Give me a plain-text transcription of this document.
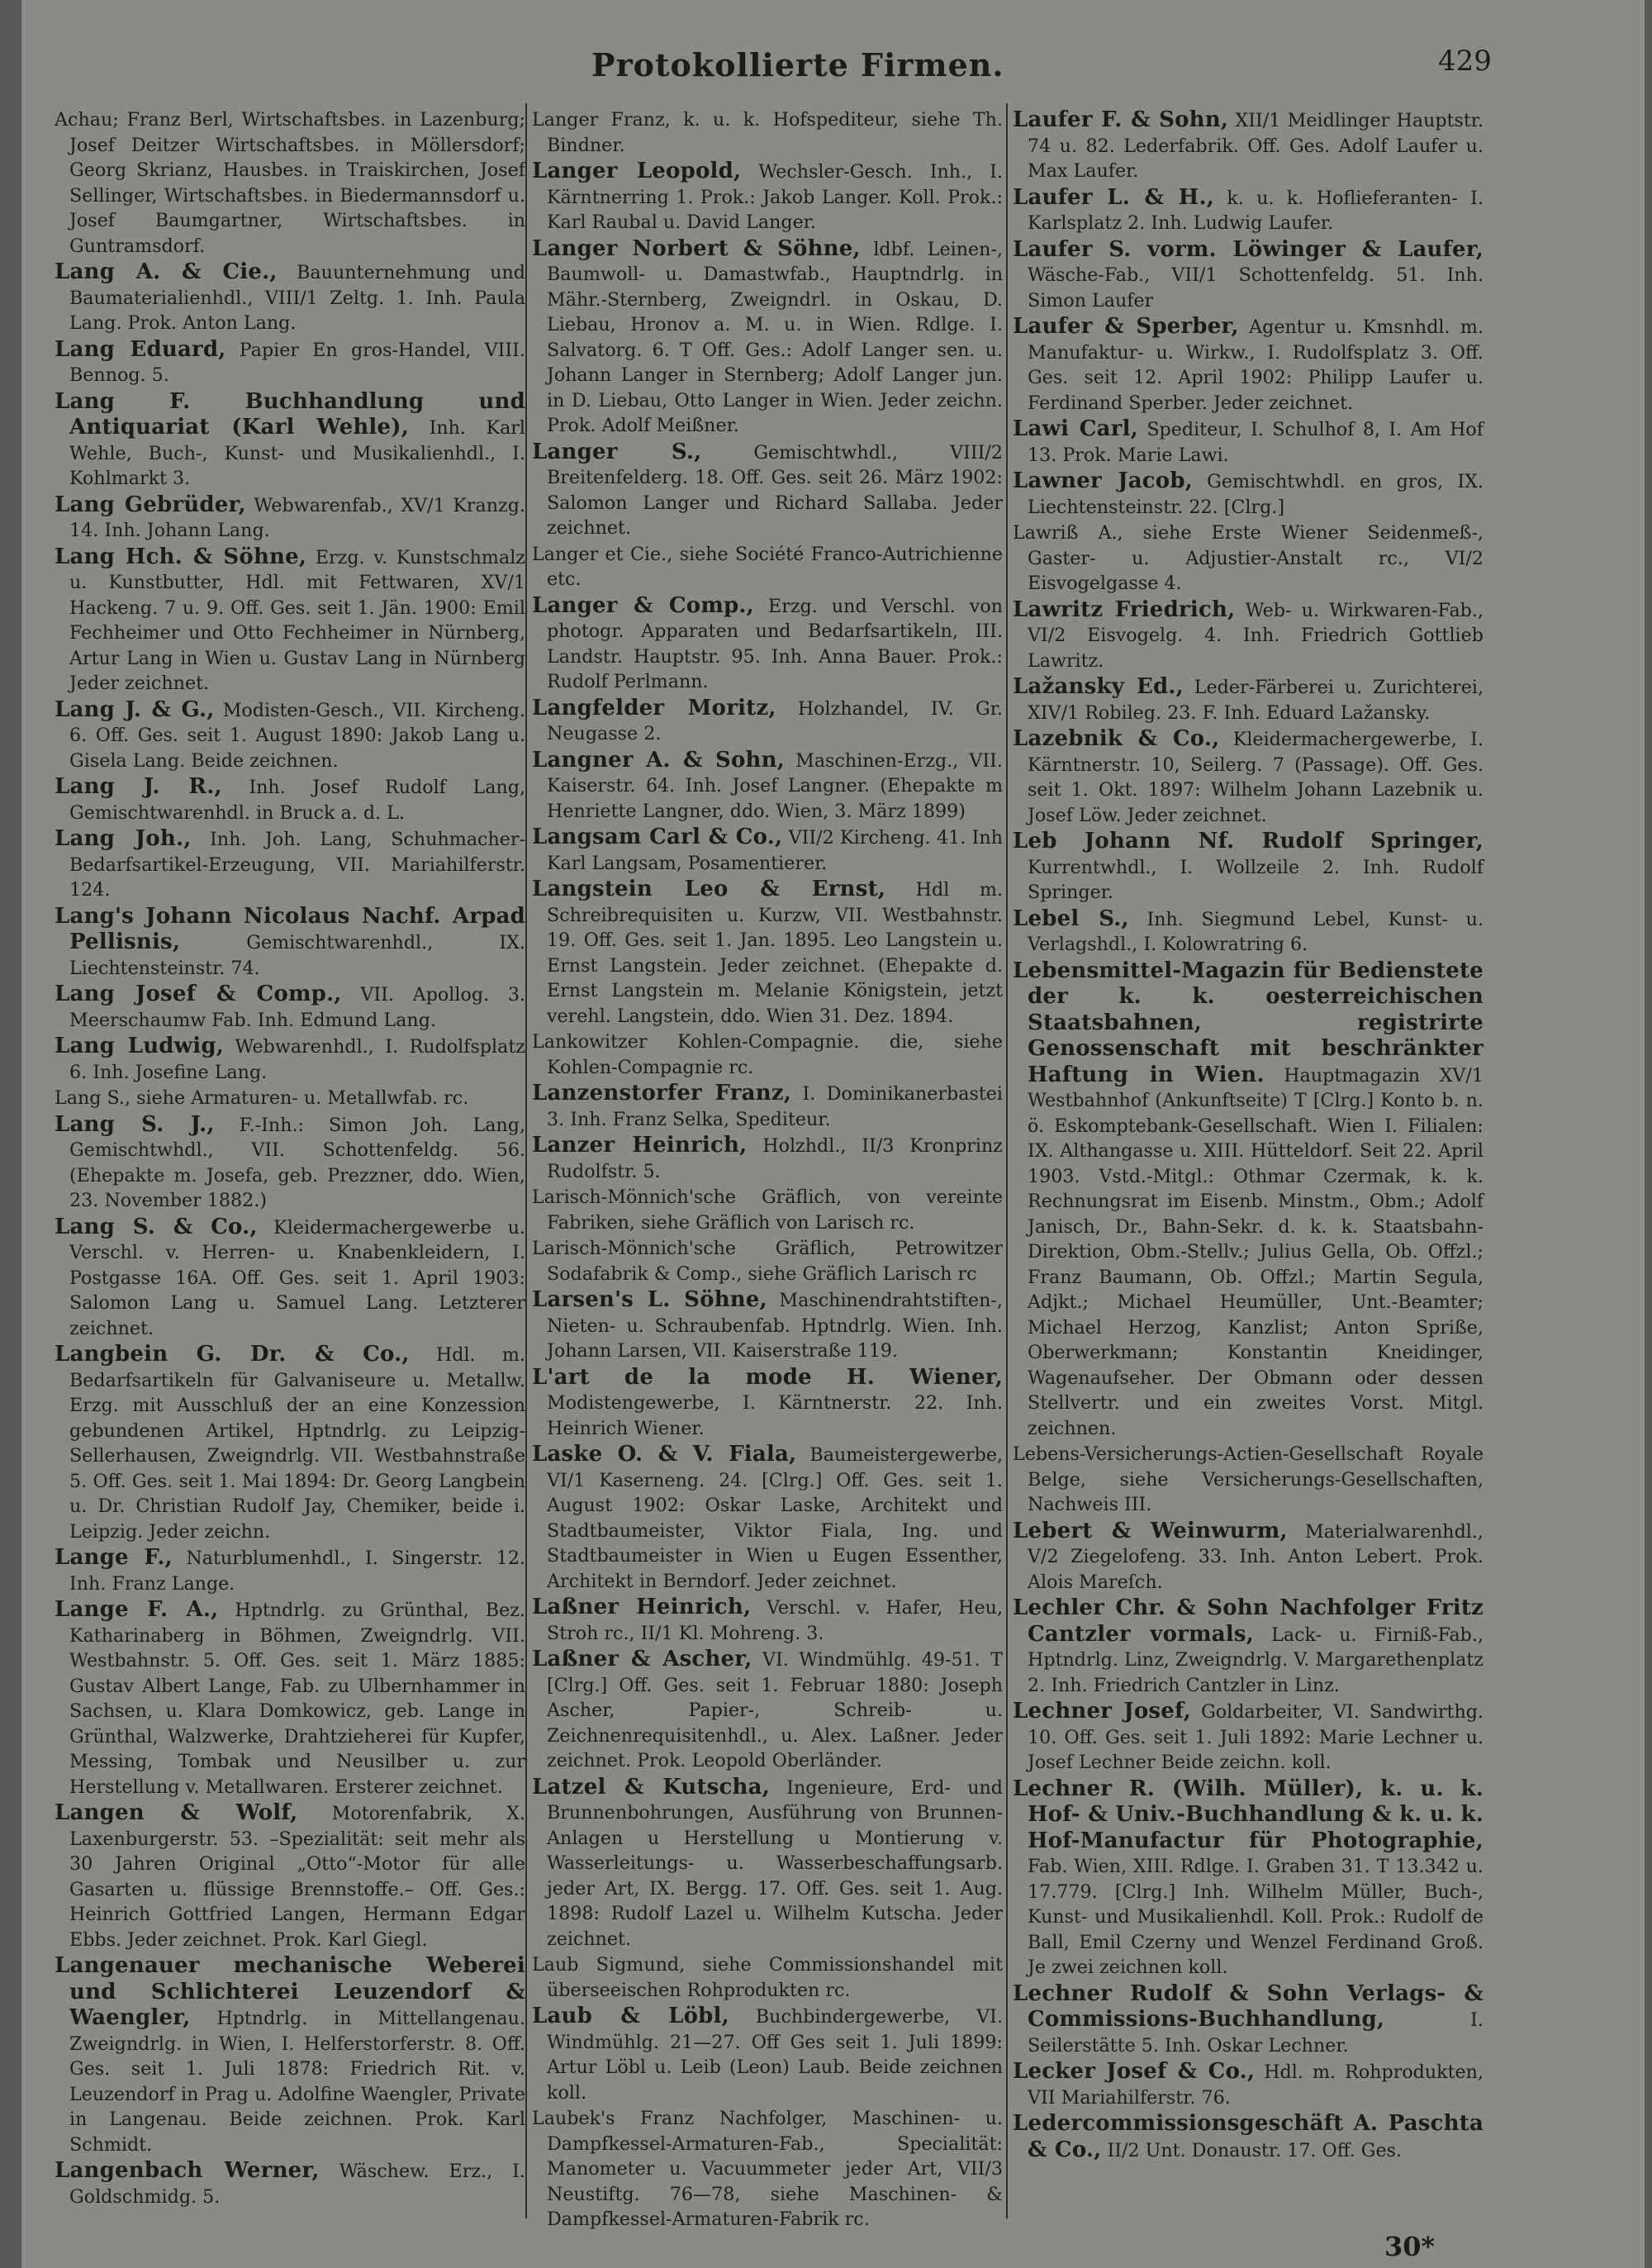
Protokollierte Firmen.	429

Achau; Franz Berl, Wirtschaftsbes. in Lazenburg; Josef Deitzer Wirtschaftsbes. in Möllersdorf; Georg Skrianz, Hausbes. in Traiskirchen, Josef Sellinger, Wirtschaftsbes. in Biedermannsdorf u. Josef Baumgartner, Wirtschaftsbes. in Guntramsdorf.

Lang A. & Cie., Bauunternehmung und Baumaterialienhdl., VIII/1 Zeltg. 1. Inh. Paula Lang. Prok. Anton Lang.

Lang Eduard, Papier En gros-Handel, VIII. Bennog. 5.

Lang F. Buchhandlung und Antiquariat (Karl Wehle), Inh. Karl Wehle, Buch-, Kunst- und Musikalienhdl., I. Kohlmarkt 3.

Lang Gebrüder, Webwarenfab., XV/1 Kranzg. 14. Inh. Johann Lang.

Lang Hch. & Söhne, Erzg. v. Kunstschmalz u. Kunstbutter, Hdl. mit Fettwaren, XV/1 Hackeng. 7 u. 9. Off. Ges. seit 1. Jän. 1900: Emil Fechheimer und Otto Fechheimer in Nürnberg, Artur Lang in Wien u. Gustav Lang in Nürnberg Jeder zeichnet.

Lang J. & G., Modisten-Gesch., VII. Kircheng. 6. Off. Ges. seit 1. August 1890: Jakob Lang u. Gisela Lang. Beide zeichnen.

Lang J. R., Inh. Josef Rudolf Lang, Gemischtwarenhdl. in Bruck a. d. L.

Lang Joh., Inh. Joh. Lang, Schuhmacher-Bedarfsartikel-Erzeugung, VII. Mariahilferstr. 124.

Lang's Johann Nicolaus Nachf. Arpad Pellisnis,	Gemischtwarenhdl., IX. Liechtensteinstr. 74.

Lang Josef & Comp., VII. Apollog. 3. Meerschaumw Fab. Inh. Edmund Lang.

Lang Ludwig, Webwarenhdl., I. Rudolfsplatz 6. Inh. Josefine Lang.

Lang S., siehe Armaturen- u. Metallwfab. rc.

Lang S. J., F.-Inh.: Simon Joh. Lang, Gemischtwhdl., VII. Schottenfeldg. 56. (Ehepakte m. Josefa, geb. Prezzner, ddo. Wien, 23. November 1882.)

Lang S. & Co., Kleidermachergewerbe u. Verschl. v. Herren- u. Knabenkleidern, I. Postgasse 16A. Off. Ges. seit 1. April 1903: Salomon Lang u. Samuel Lang. Letzterer zeichnet.

Langbein G. Dr. & Co., Hdl. m. Bedarfsartikeln für Galvaniseure u. Metallw. Erzg. mit Ausschluß der an eine Konzession gebundenen Artikel, Hptndrlg. zu Leipzig-Sellerhausen, Zweigndrlg. VII. Westbahnstraße 5. Off. Ges. seit 1. Mai 1894: Dr. Georg Langbein u. Dr. Christian Rudolf Jay, Chemiker, beide i. Leipzig. Jeder zeichn.

Lange F., Naturblumenhdl., I. Singerstr. 12. Inh. Franz Lange.

Lange F. A., Hptndrlg. zu Grünthal, Bez. Katharinaberg in Böhmen, Zweigndrlg. VII. Westbahnstr. 5. Off. Ges. seit 1. März 1885: Gustav Albert Lange, Fab. zu Ulbernhammer in Sachsen, u. Klara Domkowicz, geb. Lange in Grünthal, Walzwerke, Drahtzieherei für Kupfer, Messing, Tombak und Neusilber u. zur Herstellung v. Metallwaren. Ersterer zeichnet.

Langen & Wolf, Motorenfabrik, X. Laxenburgerstr. 53. –Spezialität: seit mehr als 30 Jahren Original „Otto“-Motor für alle Gasarten u. flüssige Brennstoffe.– Off. Ges.: Heinrich Gottfried Langen, Hermann Edgar Ebbs. Jeder zeichnet. Prok. Karl Giegl.

Langenauer mechanische Weberei und Schlichterei Leuzendorf & Waengler, Hptndrlg. in Mittellangenau. Zweigndrlg. in Wien, I. Helferstorferstr. 8. Off. Ges. seit 1. Juli 1878: Friedrich Rit. v. Leuzendorf in Prag u. Adolfine Waengler, Private in Langenau. Beide zeichnen. Prok. Karl Schmidt.

Langenbach Werner, Wäschew. Erz., I. Goldschmidg. 5.

Langer Franz, k. u. k. Hofspediteur, siehe Th. Bindner.

Langer Leopold, Wechsler-Gesch. Inh., I. Kärntnerring 1. Prok.: Jakob Langer. Koll. Prok.: Karl Raubal u. David Langer.

Langer Norbert & Söhne, ldbf. Leinen-, Baumwoll- u. Damastwfab., Hauptndrlg. in Mähr.-Sternberg, Zweigndrl. in Oskau, D. Liebau, Hronov a. M. u. in Wien. Rdlge. I. Salvatorg. 6. T Off. Ges.: Adolf Langer sen. u. Johann Langer in Sternberg; Adolf Langer jun. in D. Liebau, Otto Langer in Wien. Jeder zeichn. Prok. Adolf Meißner.

Langer S.,	Gemischtwhdl., VIII/2 Breitenfelderg. 18. Off. Ges. seit 26. März 1902: Salomon Langer und Richard Sallaba. Jeder zeichnet.

Langer et Cie., siehe Société Franco-Autrichienne etc.

Langer & Comp., Erzg. und Verschl. von photogr. Apparaten und Bedarfsartikeln, III. Landstr. Hauptstr. 95. Inh. Anna Bauer. Prok.: Rudolf Perlmann.

Langfelder Moritz, Holzhandel, IV. Gr. Neugasse 2.

Langner A. & Sohn, Maschinen-Erzg., VII. Kaiserstr. 64. Inh. Josef Langner. (Ehepakte m Henriette Langner, ddo. Wien, 3. März 1899)

Langsam Carl & Co., VII/2 Kircheng. 41. Inh Karl Langsam, Posamentierer.

Langstein Leo & Ernst, Hdl m. Schreibrequisiten u. Kurzw, VII. Westbahnstr. 19. Off. Ges. seit 1. Jan. 1895. Leo Langstein u. Ernst Langstein. Jeder zeichnet. (Ehepakte d. Ernst Langstein m. Melanie Königstein, jetzt verehl. Langstein, ddo. Wien 31. Dez. 1894.

Lankowitzer Kohlen-Compagnie. die, siehe Kohlen-Compagnie rc.

Lanzenstorfer Franz, I. Dominikanerbastei 3. Inh. Franz Selka, Spediteur.

Lanzer Heinrich, Holzhdl., II/3 Kronprinz Rudolfstr. 5.

Larisch-Mönnich'sche Gräflich, von vereinte Fabriken, siehe Gräflich von Larisch rc.

Larisch-Mönnich'sche Gräflich, Petrowitzer Sodafabrik & Comp., siehe Gräflich Larisch rc

Larsen's L. Söhne, Maschinendrahtstiften-, Nieten- u. Schraubenfab. Hptndrlg. Wien. Inh. Johann Larsen, VII. Kaiserstraße 119.

L'art de la mode H. Wiener, Modistengewerbe, I. Kärntnerstr. 22. Inh. Heinrich Wiener.

Laske O. & V. Fiala, Baumeistergewerbe, VI/1 Kaserneng. 24. [Clrg.] Off. Ges. seit 1. August 1902: Oskar Laske, Architekt und Stadtbaumeister, Viktor Fiala, Ing. und Stadtbaumeister in Wien u Eugen Essenther, Architekt in Berndorf. Jeder zeichnet.

Laßner Heinrich, Verschl. v. Hafer, Heu, Stroh rc., II/1 Kl. Mohreng. 3.

Laßner & Ascher, VI. Windmühlg. 49-51. T [Clrg.] Off. Ges. seit 1. Februar 1880: Joseph Ascher, Papier-, Schreib- u. Zeichnenrequisitenhdl., u. Alex. Laßner. Jeder zeichnet. Prok. Leopold Oberländer.

Latzel & Kutscha, Ingenieure, Erd- und Brunnenbohrungen, Ausführung von Brunnen-Anlagen u Herstellung u Montierung v. Wasserleitungs- u. Wasserbeschaffungsarb. jeder Art, IX. Bergg. 17. Off. Ges. seit 1. Aug. 1898: Rudolf Lazel u. Wilhelm Kutscha. Jeder zeichnet.

Laub Sigmund, siehe Commissionshandel mit überseeischen Rohprodukten rc.

Laub & Löbl, Buchbindergewerbe, VI. Windmühlg. 21—27. Off Ges seit 1. Juli 1899: Artur Löbl u. Leib (Leon) Laub. Beide zeichnen koll.

Laubek's Franz Nachfolger, Maschinen- u. Dampfkessel-Armaturen-Fab., Specialität: Manometer u. Vacuummeter jeder Art, VII/3 Neustiftg. 76—78, siehe Maschinen- & Dampfkessel-Armaturen-Fabrik rc.

Laufer F. & Sohn, XII/1 Meidlinger Hauptstr. 74 u. 82. Lederfabrik. Off. Ges. Adolf Laufer u. Max Laufer.

Laufer L. & H., k. u. k. Hoflieferanten- I. Karlsplatz 2. Inh. Ludwig Laufer.

Laufer S. vorm. Löwinger & Laufer, Wäsche-Fab., VII/1 Schottenfeldg. 51. Inh. Simon Laufer

Laufer & Sperber, Agentur u. Kmsnhdl. m. Manufaktur- u. Wirkw., I. Rudolfsplatz 3. Off. Ges. seit 12. April 1902: Philipp Laufer u. Ferdinand Sperber. Jeder zeichnet.

Lawi Carl, Spediteur, I. Schulhof 8, I. Am Hof 13. Prok. Marie Lawi.

Lawner Jacob, Gemischtwhdl. en gros, IX. Liechtensteinstr. 22. [Clrg.]

Lawriß A., siehe Erste Wiener Seidenmeß-, Gaster- u. Adjustier-Anstalt rc., VI/2 Eisvogelgasse 4.

Lawritz Friedrich, Web- u. Wirkwaren-Fab., VI/2 Eisvogelg. 4. Inh. Friedrich Gottlieb Lawritz.

Lažansky Ed., Leder-Färberei u. Zurichterei, XIV/1 Robileg. 23. F. Inh. Eduard Lažansky.

Lazebnik & Co., Kleidermachergewerbe, I. Kärntnerstr. 10, Seilerg. 7 (Passage). Off. Ges. seit 1. Okt. 1897: Wilhelm Johann Lazebnik u. Josef Löw. Jeder zeichnet.

Leb Johann Nf. Rudolf Springer, Kurrentwhdl., I. Wollzeile 2. Inh. Rudolf Springer.

Lebel S., Inh. Siegmund Lebel, Kunst- u. Verlagshdl., I. Kolowratring 6.

Lebensmittel-Magazin für Bedienstete der k. k. oesterreichischen Staatsbahnen, registrirte Genossenschaft mit beschränkter Haftung in Wien. Hauptmagazin XV/1 Westbahnhof (Ankunftseite) T [Clrg.] Konto b. n. ö. Eskomptebank-Gesellschaft. Wien I. Filialen: IX. Althangasse u. XIII. Hütteldorf. Seit 22. April 1903. Vstd.-Mitgl.: Othmar Czermak, k. k. Rechnungsrat im Eisenb. Minstm., Obm.; Adolf Janisch, Dr., Bahn-Sekr. d. k. k. Staatsbahn-Direktion, Obm.-Stellv.; Julius Gella, Ob. Offzl.; Franz Baumann, Ob. Offzl.; Martin Segula, Adjkt.; Michael Heumüller, Unt.-Beamter; Michael Herzog, Kanzlist; Anton Spriße, Oberwerkmann; Konstantin Kneidinger, Wagenaufseher. Der Obmann oder dessen Stellvertr. und ein zweites Vorst. Mitgl. zeichnen.

Lebens-Versicherungs-Actien-Gesellschaft Royale Belge, siehe Versicherungs-Gesellschaften, Nachweis III.

Lebert & Weinwurm, Materialwarenhdl., V/2 Ziegelofeng. 33. Inh. Anton Lebert. Prok. Alois Mareſch.

Lechler Chr. & Sohn Nachfolger Fritz Cantzler vormals, Lack- u. Firniß-Fab., Hptndrlg. Linz, Zweigndrlg. V. Margarethenplatz 2. Inh. Friedrich Cantzler in Linz.

Lechner Josef, Goldarbeiter, VI. Sandwirthg. 10. Off. Ges. seit 1. Juli 1892: Marie Lechner u. Josef Lechner Beide zeichn. koll.

Lechner R. (Wilh. Müller), k. u. k. Hof- & Univ.-Buchhandlung & k. u. k. Hof-Manufactur für Photographie, Fab. Wien, XIII. Rdlge. I. Graben 31. T 13.342 u. 17.779. [Clrg.] Inh. Wilhelm Müller, Buch-, Kunst- und Musikalienhdl. Koll. Prok.: Rudolf de Ball, Emil Czerny und Wenzel Ferdinand Groß. Je zwei zeichnen koll.

Lechner Rudolf & Sohn Verlags- & Commissions-Buchhandlung,	I. Seilerstätte 5. Inh. Oskar Lechner.

Lecker Josef & Co., Hdl. m. Rohprodukten, VII Mariahilferstr. 76.

Ledercommissionsgeschäft A. Paschta & Co., II/2 Unt. Donaustr. 17. Off. Ges.

30*
